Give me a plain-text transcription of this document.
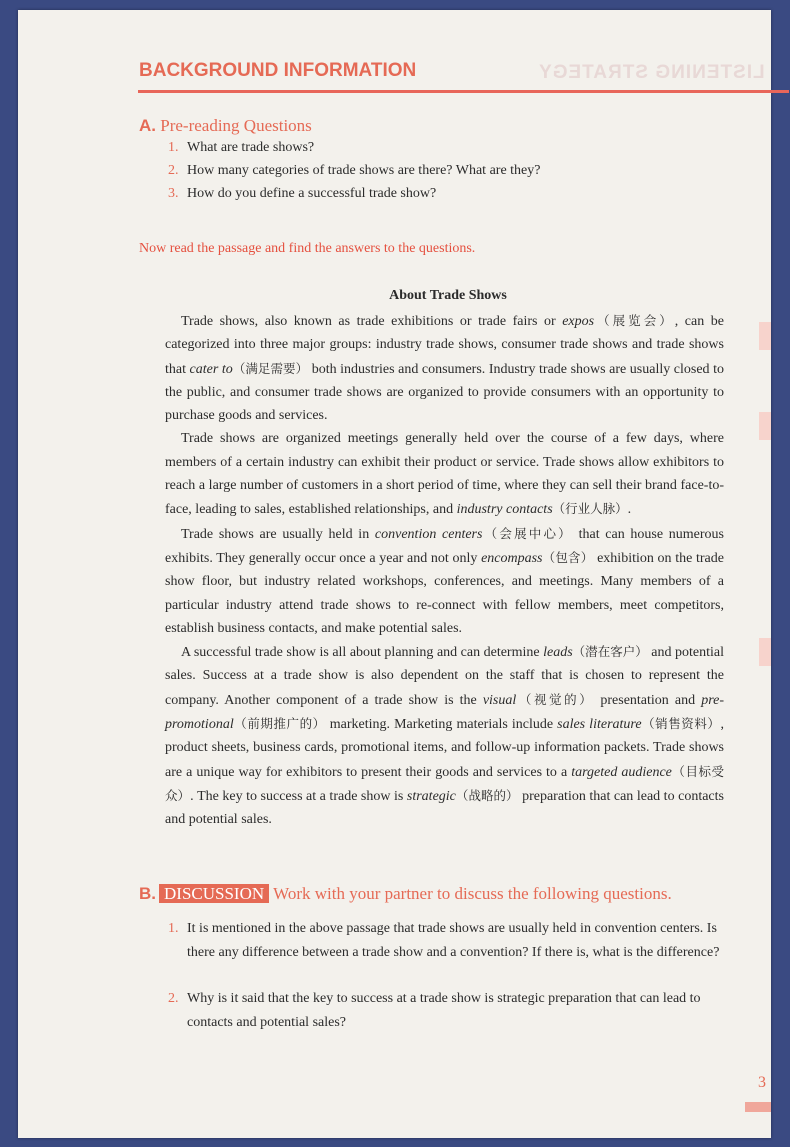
LISTENING STRATEGY
BACKGROUND INFORMATION
A. Pre-reading Questions
1. What are trade shows?
2. How many categories of trade shows are there? What are they?
3. How do you define a successful trade show?
Now read the passage and find the answers to the questions.
About Trade Shows

Trade shows, also known as trade exhibitions or trade fairs or expos（展览会）, can be categorized into three major groups: industry trade shows, consumer trade shows and trade shows that cater to（满足需要） both industries and consumers. Industry trade shows are usually closed to the public, and consumer trade shows are organized to provide consumers with an opportunity to purchase goods and services.

Trade shows are organized meetings generally held over the course of a few days, where members of a certain industry can exhibit their product or service. Trade shows allow exhibitors to reach a large number of customers in a short period of time, where they can sell their brand face-to-face, leading to sales, established relationships, and industry contacts（行业人脉）.

Trade shows are usually held in convention centers（会展中心） that can house numerous exhibits. They generally occur once a year and not only encompass（包含） exhibition on the trade show floor, but industry related workshops, conferences, and meetings. Many members of a particular industry attend trade shows to re-connect with fellow members, meet competitors, establish business contacts, and make potential sales.

A successful trade show is all about planning and can determine leads（潜在客户） and potential sales. Success at a trade show is also dependent on the staff that is chosen to represent the company. Another component of a trade show is the visual（视觉的） presentation and pre-promotional（前期推广的） marketing. Marketing materials include sales literature（销售资料）, product sheets, business cards, promotional items, and follow-up information packets. Trade shows are a unique way for exhibitors to present their goods and services to a targeted audience（目标受众）. The key to success at a trade show is strategic（战略的） preparation that can lead to contacts and potential sales.

B. DISCUSSION Work with your partner to discuss the following questions.
1. It is mentioned in the above passage that trade shows are usually held in convention centers. Is there any difference between a trade show and a convention? If there is, what is the difference?
2. Why is it said that the key to success at a trade show is strategic preparation that can lead to contacts and potential sales?
3
